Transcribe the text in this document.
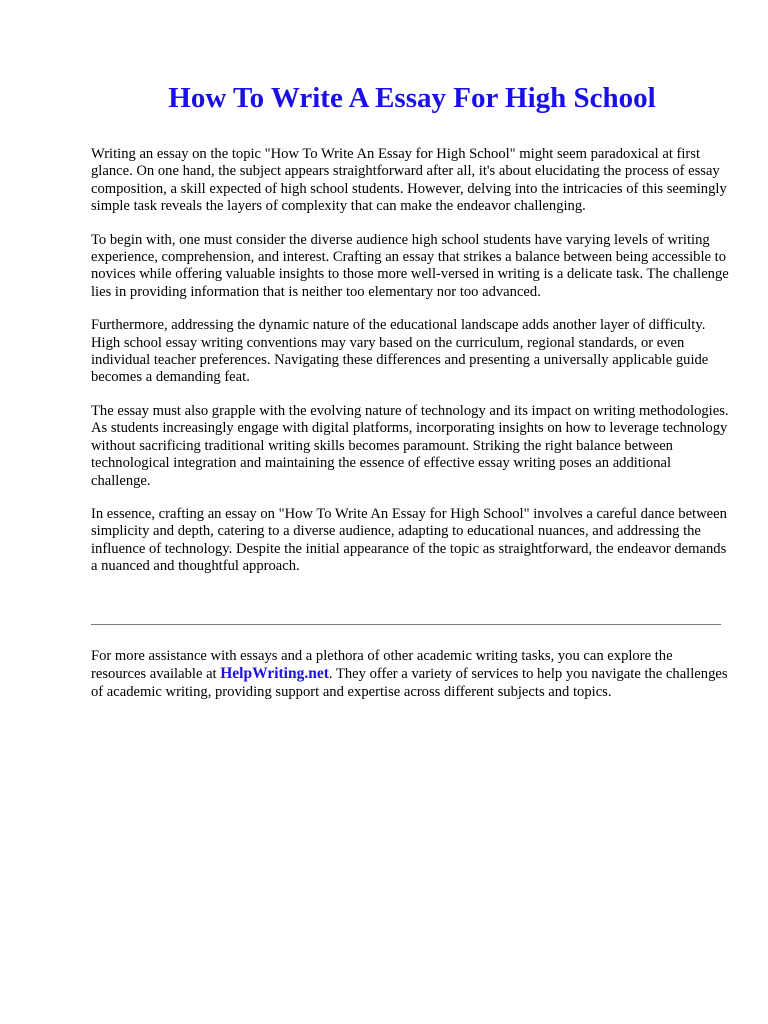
How To Write A Essay For High School

Writing an essay on the topic "How To Write An Essay for High School" might seem paradoxical at first glance. On one hand, the subject appears straightforward after all, it's about elucidating the process of essay composition, a skill expected of high school students. However, delving into the intricacies of this seemingly simple task reveals the layers of complexity that can make the endeavor challenging.

To begin with, one must consider the diverse audience high school students have varying levels of writing experience, comprehension, and interest. Crafting an essay that strikes a balance between being accessible to novices while offering valuable insights to those more well-versed in writing is a delicate task. The challenge lies in providing information that is neither too elementary nor too advanced.

Furthermore, addressing the dynamic nature of the educational landscape adds another layer of difficulty. High school essay writing conventions may vary based on the curriculum, regional standards, or even individual teacher preferences. Navigating these differences and presenting a universally applicable guide becomes a demanding feat.

The essay must also grapple with the evolving nature of technology and its impact on writing methodologies. As students increasingly engage with digital platforms, incorporating insights on how to leverage technology without sacrificing traditional writing skills becomes paramount. Striking the right balance between technological integration and maintaining the essence of effective essay writing poses an additional challenge.

In essence, crafting an essay on "How To Write An Essay for High School" involves a careful dance between simplicity and depth, catering to a diverse audience, adapting to educational nuances, and addressing the influence of technology. Despite the initial appearance of the topic as straightforward, the endeavor demands a nuanced and thoughtful approach.

For more assistance with essays and a plethora of other academic writing tasks, you can explore the resources available at HelpWriting.net. They offer a variety of services to help you navigate the challenges of academic writing, providing support and expertise across different subjects and topics.
